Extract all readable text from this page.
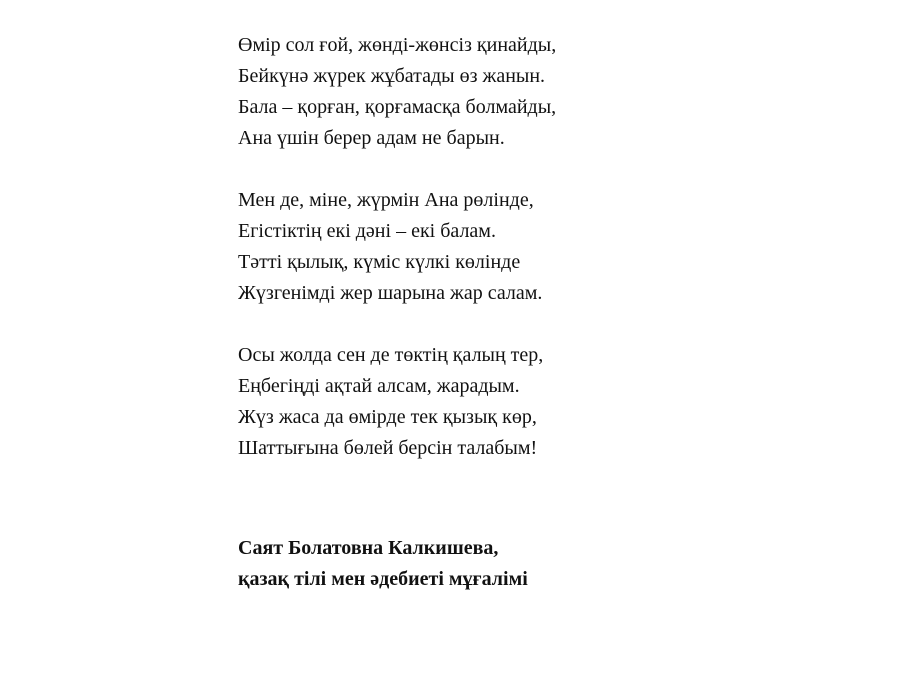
Өмір сол ғой, жөнді-жөнсіз қинайды,
Бейкүнә жүрек жұбатады өз жанын.
Бала – қорған, қорғамасқа болмайды,
Ана үшін берер адам не барын.
Мен де, міне, жүрмін Ана рөлінде,
Егістіктің екі дәні – екі балам.
Тәтті қылық, күміс күлкі көлінде
Жүзгенімді жер шарына жар салам.
Осы жолда сен де төктің қалың тер,
Еңбегіңді ақтай алсам, жарадым.
Жүз жаса да өмірде тек қызық көр,
Шаттығына бөлей берсін талабым!
Саят Болатовна Калкишева,
қазақ тілі мен әдебиеті мұғалімі
